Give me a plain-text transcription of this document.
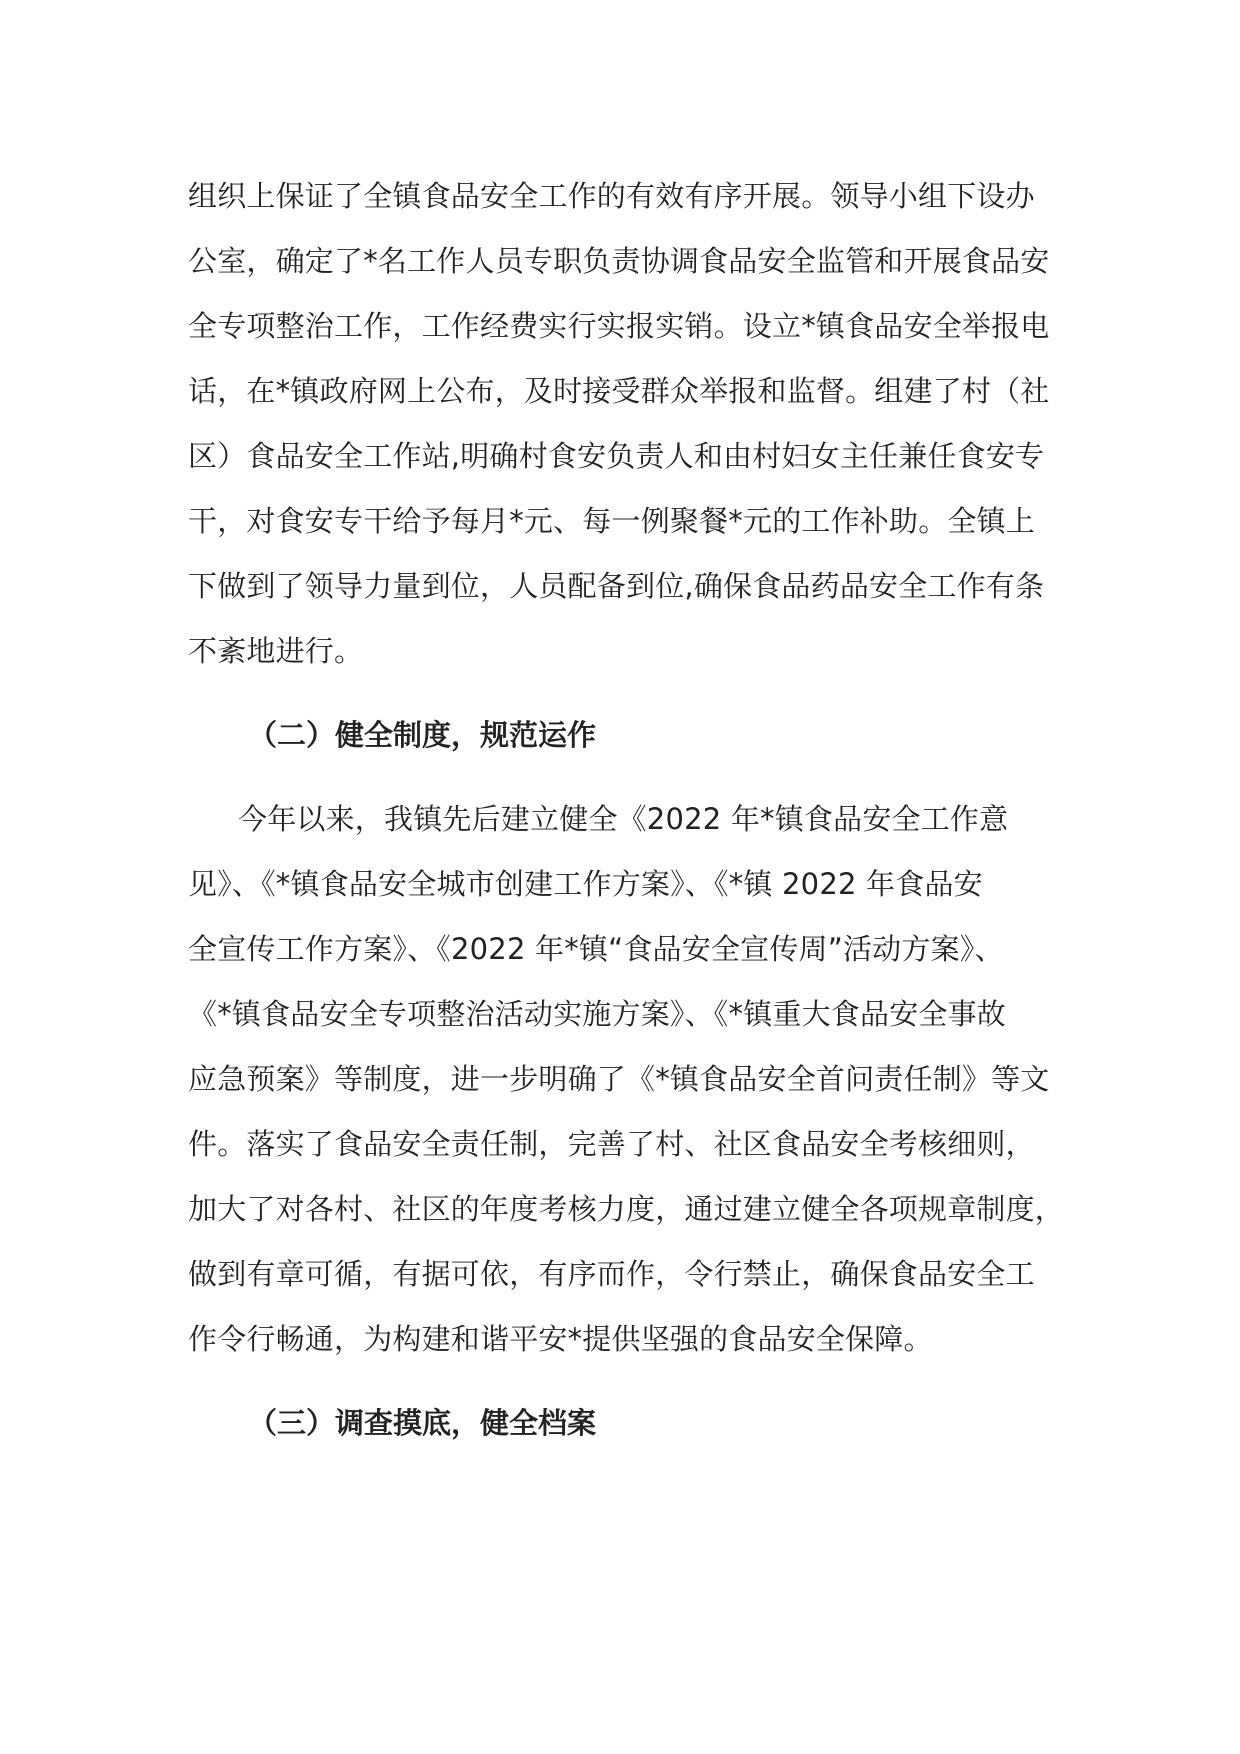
组织上保证了全镇食品安全工作的有效有序开展。领导小组下设办
公室，确定了*名工作人员专职负责协调食品安全监管和开展食品安
全专项整治工作，工作经费实行实报实销。设立*镇食品安全举报电
话，在*镇政府网上公布，及时接受群众举报和监督。组建了村（社
区）食品安全工作站,明确村食安负责人和由村妇女主任兼任食安专
干，对食安专干给予每月*元、每一例聚餐*元的工作补助。全镇上
下做到了领导力量到位，人员配备到位,确保食品药品安全工作有条
不紊地进行。
（二）健全制度，规范运作
今年以来，我镇先后建立健全《2022 年*镇食品安全工作意
见》、《*镇食品安全城市创建工作方案》、《*镇 2022 年食品安
全宣传工作方案》、《2022 年*镇“食品安全宣传周”活动方案》、
《*镇食品安全专项整治活动实施方案》、《*镇重大食品安全事故
应急预案》等制度，进一步明确了《*镇食品安全首问责任制》等文
件。落实了食品安全责任制，完善了村、社区食品安全考核细则，
加大了对各村、社区的年度考核力度，通过建立健全各项规章制度，
做到有章可循，有据可依，有序而作，令行禁止，确保食品安全工
作令行畅通，为构建和谐平安*提供坚强的食品安全保障。
（三）调查摸底，健全档案
